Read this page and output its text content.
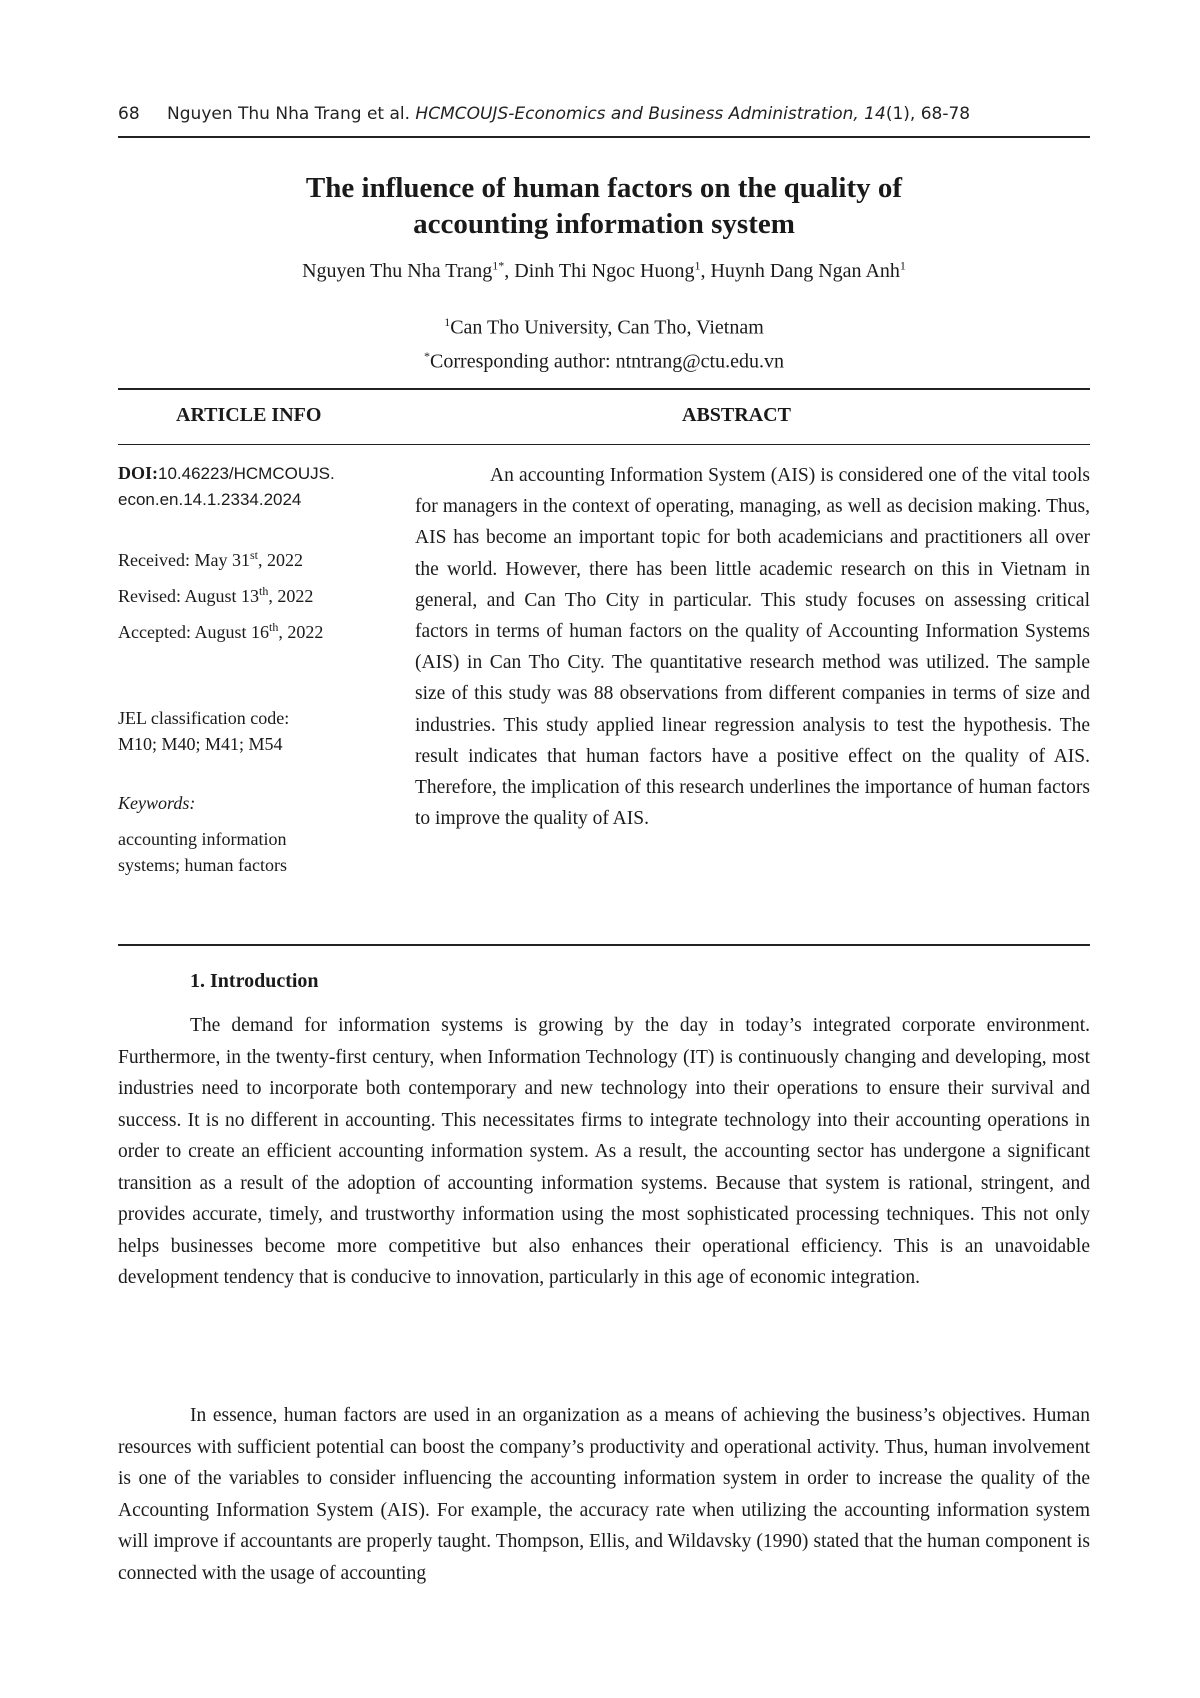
68 Nguyen Thu Nha Trang et al. HCMCOUJS-Economics and Business Administration, 14(1), 68-78
The influence of human factors on the quality of
accounting information system
Nguyen Thu Nha Trang$^{1*}$, Dinh Thi Ngoc Huong$^1$, Huynh Dang Ngan Anh$^1$
$^1$Can Tho University, Can Tho, Vietnam
*Corresponding author: ntntrang@ctu.edu.vn
ARTICLE INFO	ABSTRACT
DOI:10.46223/HCMCOUJS.
econ.en.14.1.2334.2024
Received: May 31st, 2022
Revised: August 13th, 2022
Accepted: August 16th, 2022
JEL classification code:
M10; M40; M41; M54
Keywords:
accounting information
systems; human factors

An accounting Information System (AIS) is considered one of the vital tools for managers in the context of operating, managing, as well as decision making. Thus, AIS has become an important topic for both academicians and practitioners all over the world. However, there has been little academic research on this in Vietnam in general, and Can Tho City in particular. This study focuses on assessing critical factors in terms of human factors on the quality of Accounting Information Systems (AIS) in Can Tho City. The quantitative research method was utilized. The sample size of this study was 88 observations from different companies in terms of size and industries. This study applied linear regression analysis to test the hypothesis. The result indicates that human factors have a positive effect on the quality of AIS. Therefore, the implication of this research underlines the importance of human factors to improve the quality of AIS.

1. Introduction

The demand for information systems is growing by the day in today’s integrated corporate environment. Furthermore, in the twenty-first century, when Information Technology (IT) is continuously changing and developing, most industries need to incorporate both contemporary and new technology into their operations to ensure their survival and success. It is no different in accounting. This necessitates firms to integrate technology into their accounting operations in order to create an efficient accounting information system. As a result, the accounting sector has undergone a significant transition as a result of the adoption of accounting information systems. Because that system is rational, stringent, and provides accurate, timely, and trustworthy information using the most sophisticated processing techniques. This not only helps businesses become more competitive but also enhances their operational efficiency. This is an unavoidable development tendency that is conducive to innovation, particularly in this age of economic integration.

In essence, human factors are used in an organization as a means of achieving the business’s objectives. Human resources with sufficient potential can boost the company’s productivity and operational activity. Thus, human involvement is one of the variables to consider influencing the accounting information system in order to increase the quality of the Accounting Information System (AIS). For example, the accuracy rate when utilizing the accounting information system will improve if accountants are properly taught. Thompson, Ellis, and Wildavsky (1990) stated that the human component is connected with the usage of accounting
